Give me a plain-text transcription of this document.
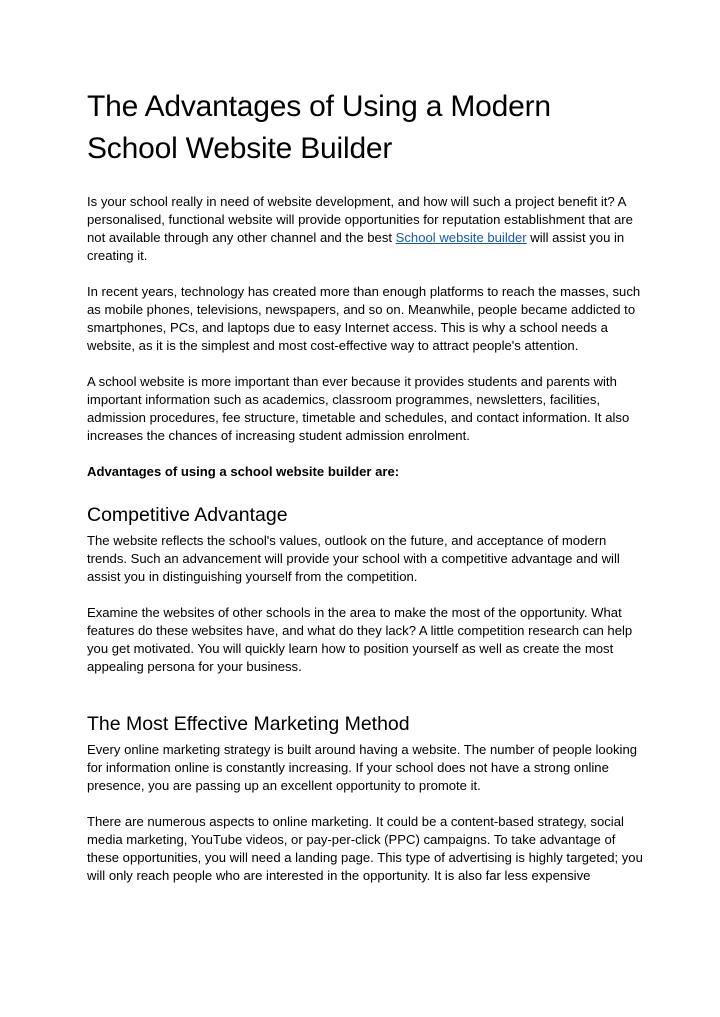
The Advantages of Using a Modern School Website Builder

Is your school really in need of website development, and how will such a project benefit it? A personalised, functional website will provide opportunities for reputation establishment that are not available through any other channel and the best School website builder will assist you in creating it.

In recent years, technology has created more than enough platforms to reach the masses, such as mobile phones, televisions, newspapers, and so on. Meanwhile, people became addicted to smartphones, PCs, and laptops due to easy Internet access. This is why a school needs a website, as it is the simplest and most cost-effective way to attract people's attention.

A school website is more important than ever because it provides students and parents with important information such as academics, classroom programmes, newsletters, facilities, admission procedures, fee structure, timetable and schedules, and contact information. It also increases the chances of increasing student admission enrolment.

Advantages of using a school website builder are:

Competitive Advantage

The website reflects the school's values, outlook on the future, and acceptance of modern trends. Such an advancement will provide your school with a competitive advantage and will assist you in distinguishing yourself from the competition.

Examine the websites of other schools in the area to make the most of the opportunity. What features do these websites have, and what do they lack? A little competition research can help you get motivated. You will quickly learn how to position yourself as well as create the most appealing persona for your business.

The Most Effective Marketing Method

Every online marketing strategy is built around having a website. The number of people looking for information online is constantly increasing. If your school does not have a strong online presence, you are passing up an excellent opportunity to promote it.

There are numerous aspects to online marketing. It could be a content-based strategy, social media marketing, YouTube videos, or pay-per-click (PPC) campaigns. To take advantage of these opportunities, you will need a landing page. This type of advertising is highly targeted; you will only reach people who are interested in the opportunity. It is also far less expensive
